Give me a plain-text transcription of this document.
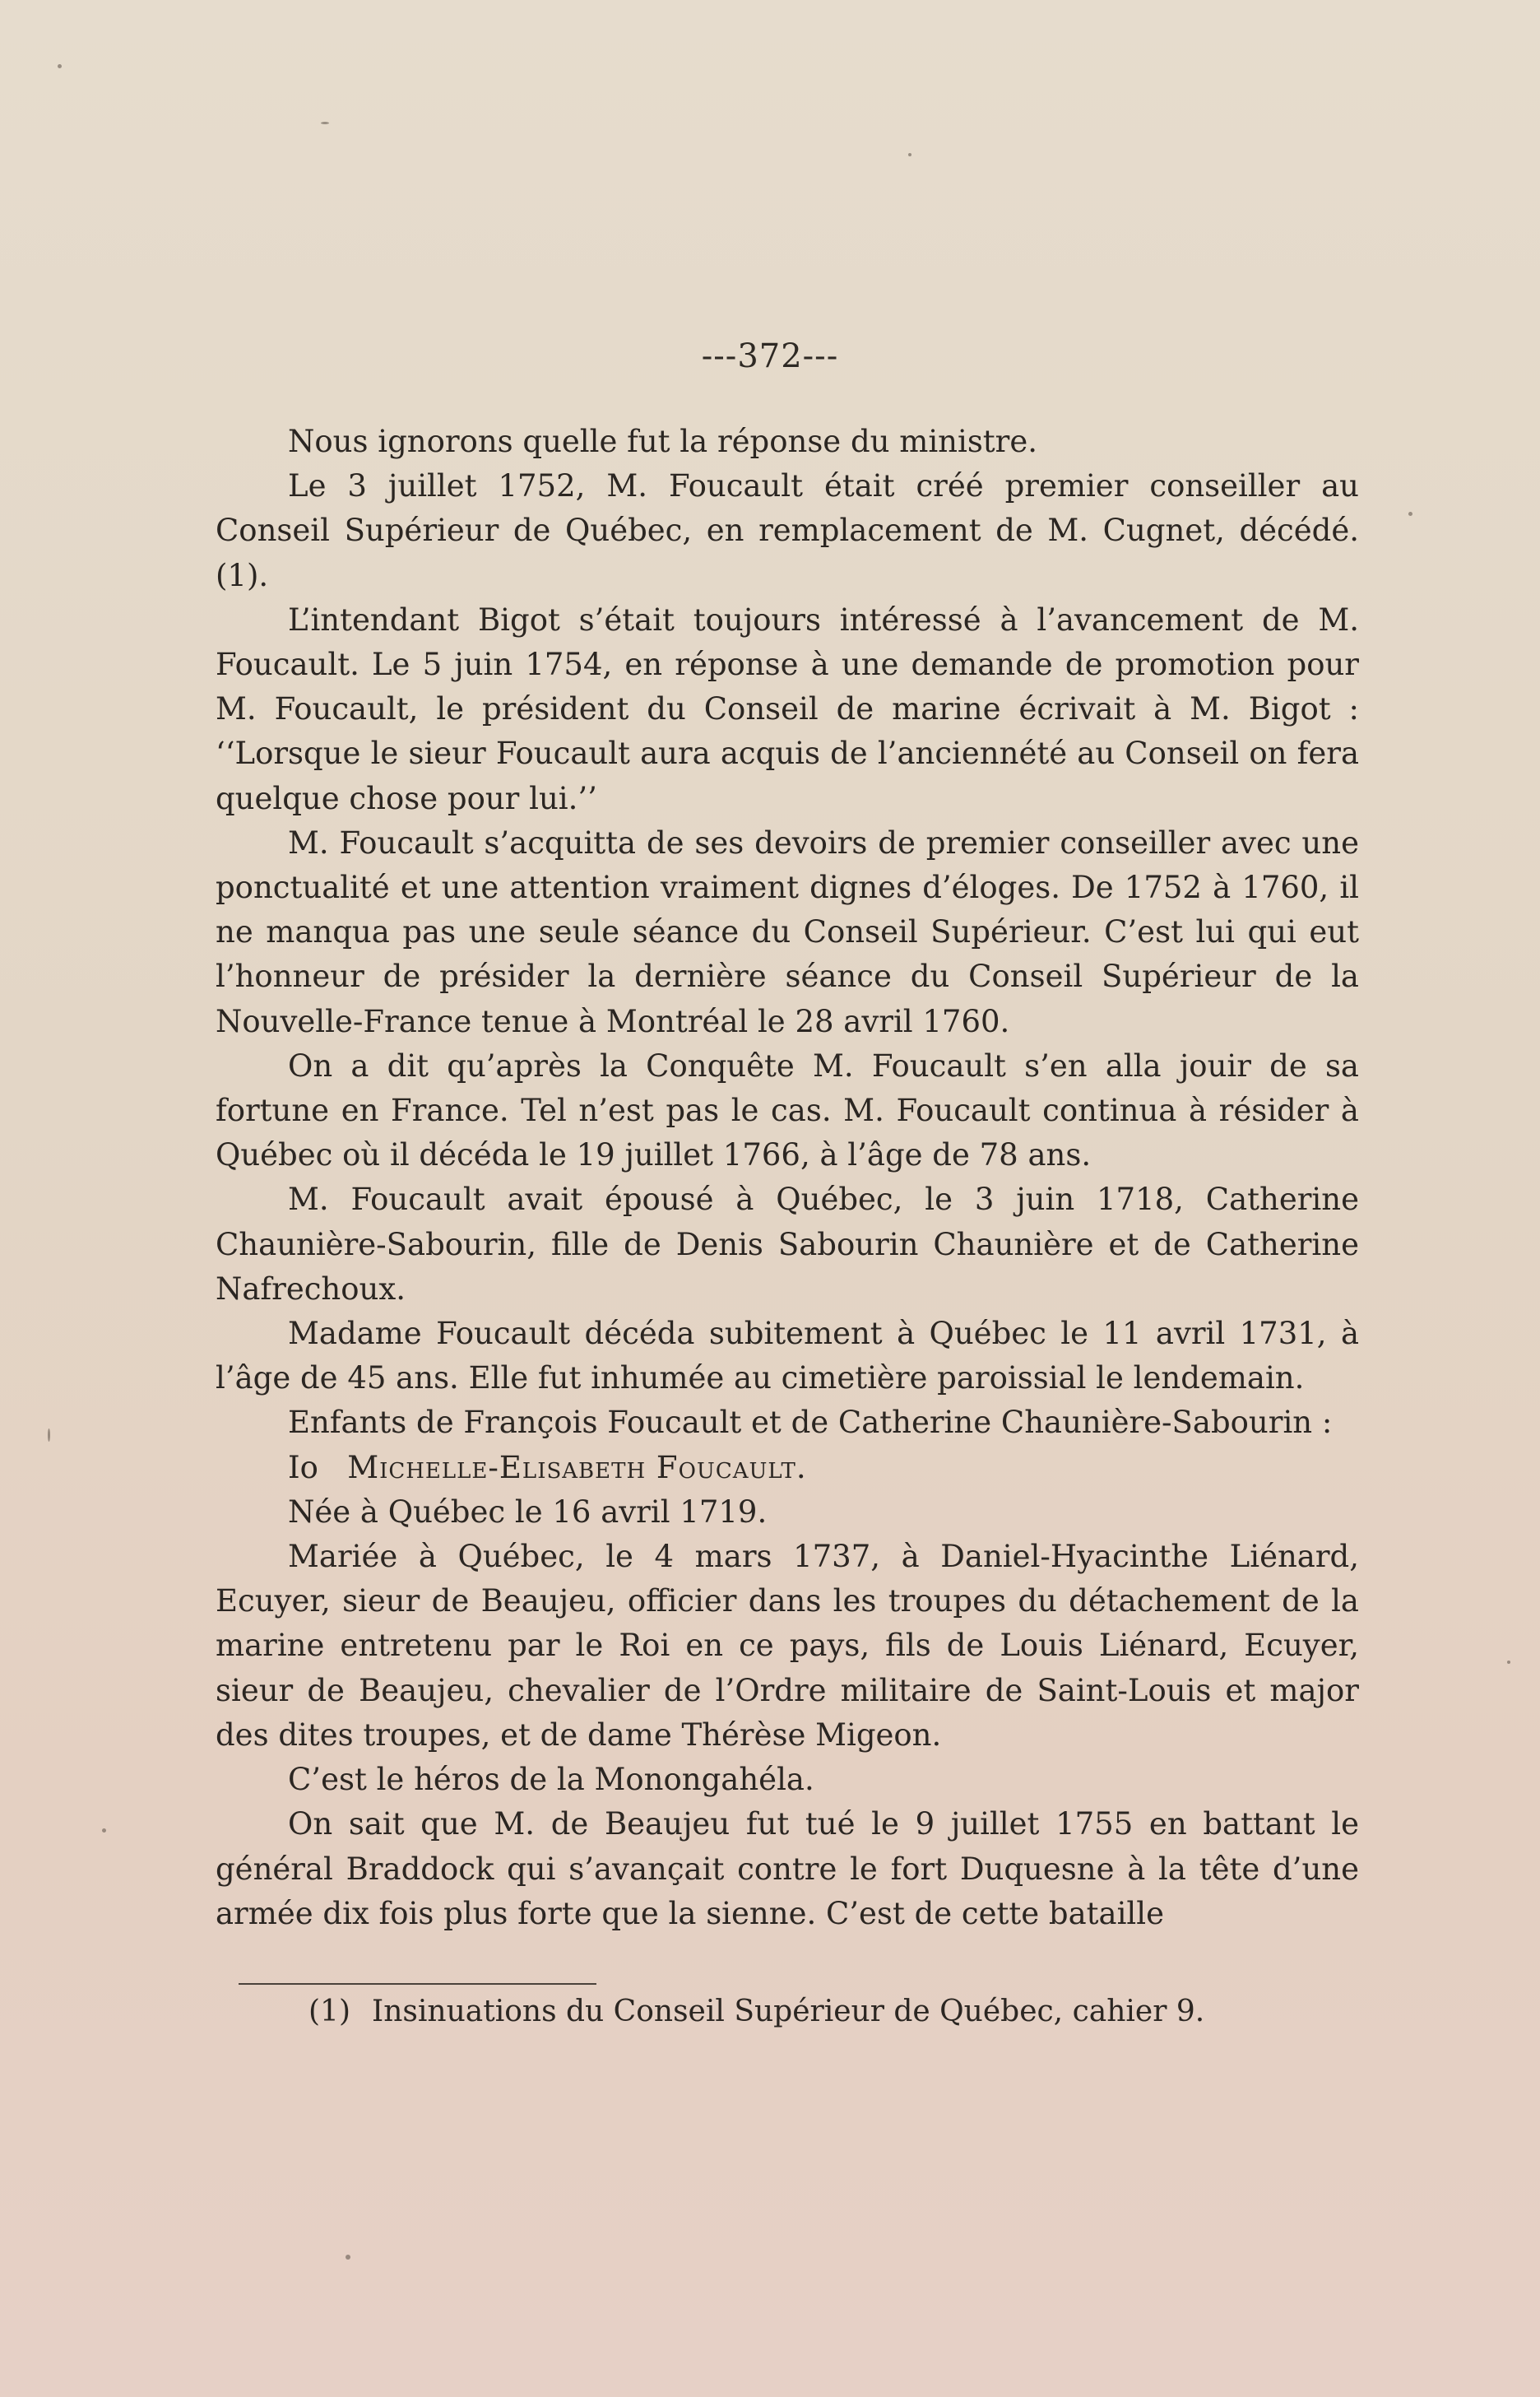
---372---

Nous ignorons quelle fut la réponse du ministre.

Le 3 juillet 1752, M. Foucault était créé premier conseiller au Conseil Supérieur de Québec, en remplacement de M. Cugnet, décédé. (1).

L’intendant Bigot s’était toujours intéressé à l’avancement de M. Foucault. Le 5 juin 1754, en réponse à une demande de promotion pour M. Foucault, le président du Conseil de marine écrivait à M. Bigot : ‘‘Lorsque le sieur Foucault aura acquis de l’anciennété au Conseil on fera quelque chose pour lui.’’

M. Foucault s’acquitta de ses devoirs de premier conseiller avec une ponctualité et une attention vraiment dignes d’éloges. De 1752 à 1760, il ne manqua pas une seule séance du Conseil Supérieur. C’est lui qui eut l’honneur de présider la dernière séance du Conseil Supérieur de la Nouvelle-France tenue à Montréal le 28 avril 1760.

On a dit qu’après la Conquête M. Foucault s’en alla jouir de sa fortune en France. Tel n’est pas le cas. M. Foucault continua à résider à Québec où il décéda le 19 juillet 1766, à l’âge de 78 ans.

M. Foucault avait épousé à Québec, le 3 juin 1718, Catherine Chaunière-Sabourin, fille de Denis Sabourin Chaunière et de Catherine Nafrechoux.

Madame Foucault décéda subitement à Québec le 11 avril 1731, à l’âge de 45 ans. Elle fut inhumée au cimetière paroissial le lendemain.

Enfants de François Foucault et de Catherine Chaunière-Sabourin :

Io Michelle-Elisabeth Foucault.

Née à Québec le 16 avril 1719.

Mariée à Québec, le 4 mars 1737, à Daniel-Hyacinthe Liénard, Ecuyer, sieur de Beaujeu, officier dans les troupes du détachement de la marine entretenu par le Roi en ce pays, fils de Louis Liénard, Ecuyer, sieur de Beaujeu, chevalier de l’Ordre militaire de Saint-Louis et major des dites troupes, et de dame Thérèse Migeon.

C’est le héros de la Monongahéla.

On sait que M. de Beaujeu fut tué le 9 juillet 1755 en battant le général Braddock qui s’avançait contre le fort Duquesne à la tête d’une armée dix fois plus forte que la sienne. C’est de cette bataille

(1) Insinuations du Conseil Supérieur de Québec, cahier 9.
